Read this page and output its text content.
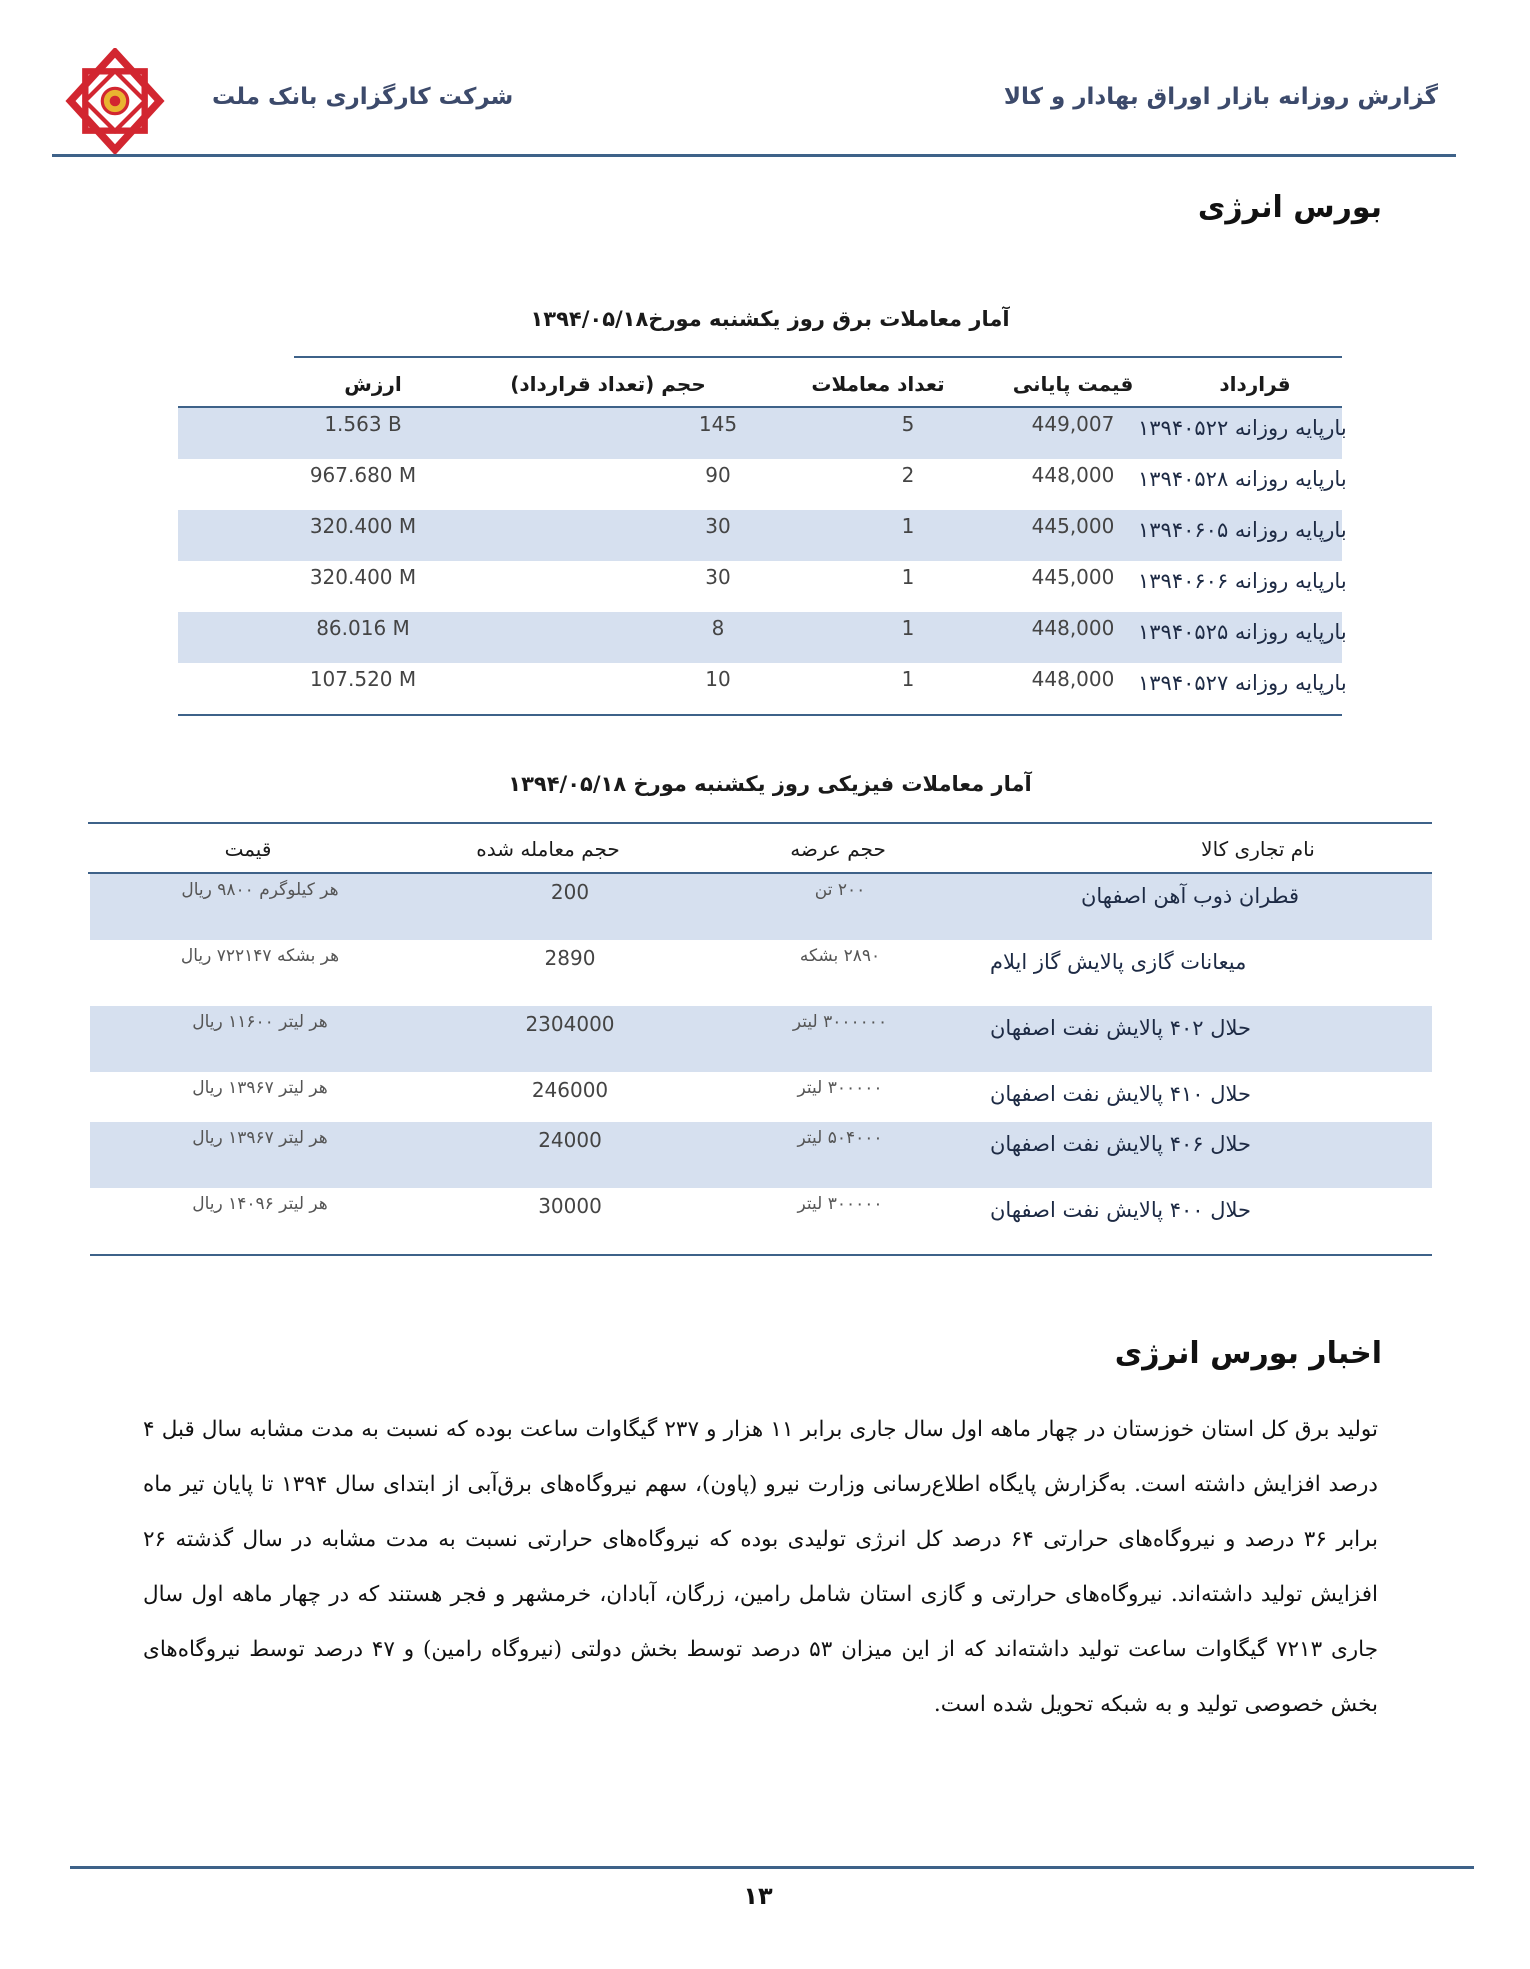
شرکت کارگزاری بانک ملت	گزارش روزانه بازار اوراق بهادار و کالا
بورس انرژی
آمار معاملات برق روز یکشنبه مورخ۱۳۹۴/۰۵/۱۸
قرارداد
قیمت پایانی
تعداد معاملات
حجم (تعداد قرارداد)
ارزش
بارپایه روزانه ۱۳۹۴۰۵۲۲
449,007
5
145
1.563 B
بارپایه روزانه ۱۳۹۴۰۵۲۸
448,000
2
90
967.680 M
بارپایه روزانه ۱۳۹۴۰۶۰۵
445,000
1
30
320.400 M
بارپایه روزانه ۱۳۹۴۰۶۰۶
445,000
1
30
320.400 M
بارپایه روزانه ۱۳۹۴۰۵۲۵
448,000
1
8
86.016 M
بارپایه روزانه ۱۳۹۴۰۵۲۷
448,000
1
10
107.520 M
آمار معاملات فیزیکی روز یکشنبه مورخ ۱۳۹۴/۰۵/۱۸
نام تجاری کالا
حجم عرضه
حجم معامله شده
قیمت
قطران ذوب آهن اصفهان
۲۰۰ تن
200
هر کیلوگرم ۹۸۰۰ ریال
میعانات گازی پالایش گاز ایلام
۲۸۹۰ بشکه
2890
هر بشکه ۷۲۲۱۴۷ ریال
حلال ۴۰۲ پالایش نفت اصفهان
۳۰۰۰۰۰۰ لیتر
2304000
هر لیتر ۱۱۶۰۰ ریال
حلال ۴۱۰ پالایش نفت اصفهان
۳۰۰۰۰۰ لیتر
246000
هر لیتر ۱۳۹۶۷ ریال
حلال ۴۰۶ پالایش نفت اصفهان
۵۰۴۰۰۰ لیتر
24000
هر لیتر ۱۳۹۶۷ ریال
حلال ۴۰۰ پالایش نفت اصفهان
۳۰۰۰۰۰ لیتر
30000
هر لیتر ۱۴۰۹۶ ریال
اخبار بورس انرژی

تولید برق کل استان خوزستان در چهار ماهه اول سال جاری برابر ۱۱ هزار و ۲۳۷ گیگاوات ساعت بوده که نسبت به مدت مشابه سال قبل ۴ درصد افزایش داشته است. به‌گزارش پایگاه اطلاع‌رسانی وزارت نیرو (پاون)، سهم نیروگاه‌های برق‌آبی از ابتدای سال ۱۳۹۴ تا پایان تیر ماه برابر ۳۶ درصد و نیروگاه‌های حرارتی ۶۴ درصد کل انرژی تولیدی بوده که نیروگاه‌های حرارتی نسبت به مدت مشابه در سال گذشته ۲۶ افزایش تولید داشته‌اند. نیروگاه‌های حرارتی و گازی استان شامل رامین، زرگان، آبادان، خرمشهر و فجر هستند که در چهار ماهه اول سال جاری ۷۲۱۳ گیگاوات ساعت تولید داشته‌اند که از این میزان ۵۳ درصد توسط بخش دولتی (نیروگاه رامین) و ۴۷ درصد توسط نیروگاه‌های بخش خصوصی تولید و به شبکه تحویل شده است.

۱۳
